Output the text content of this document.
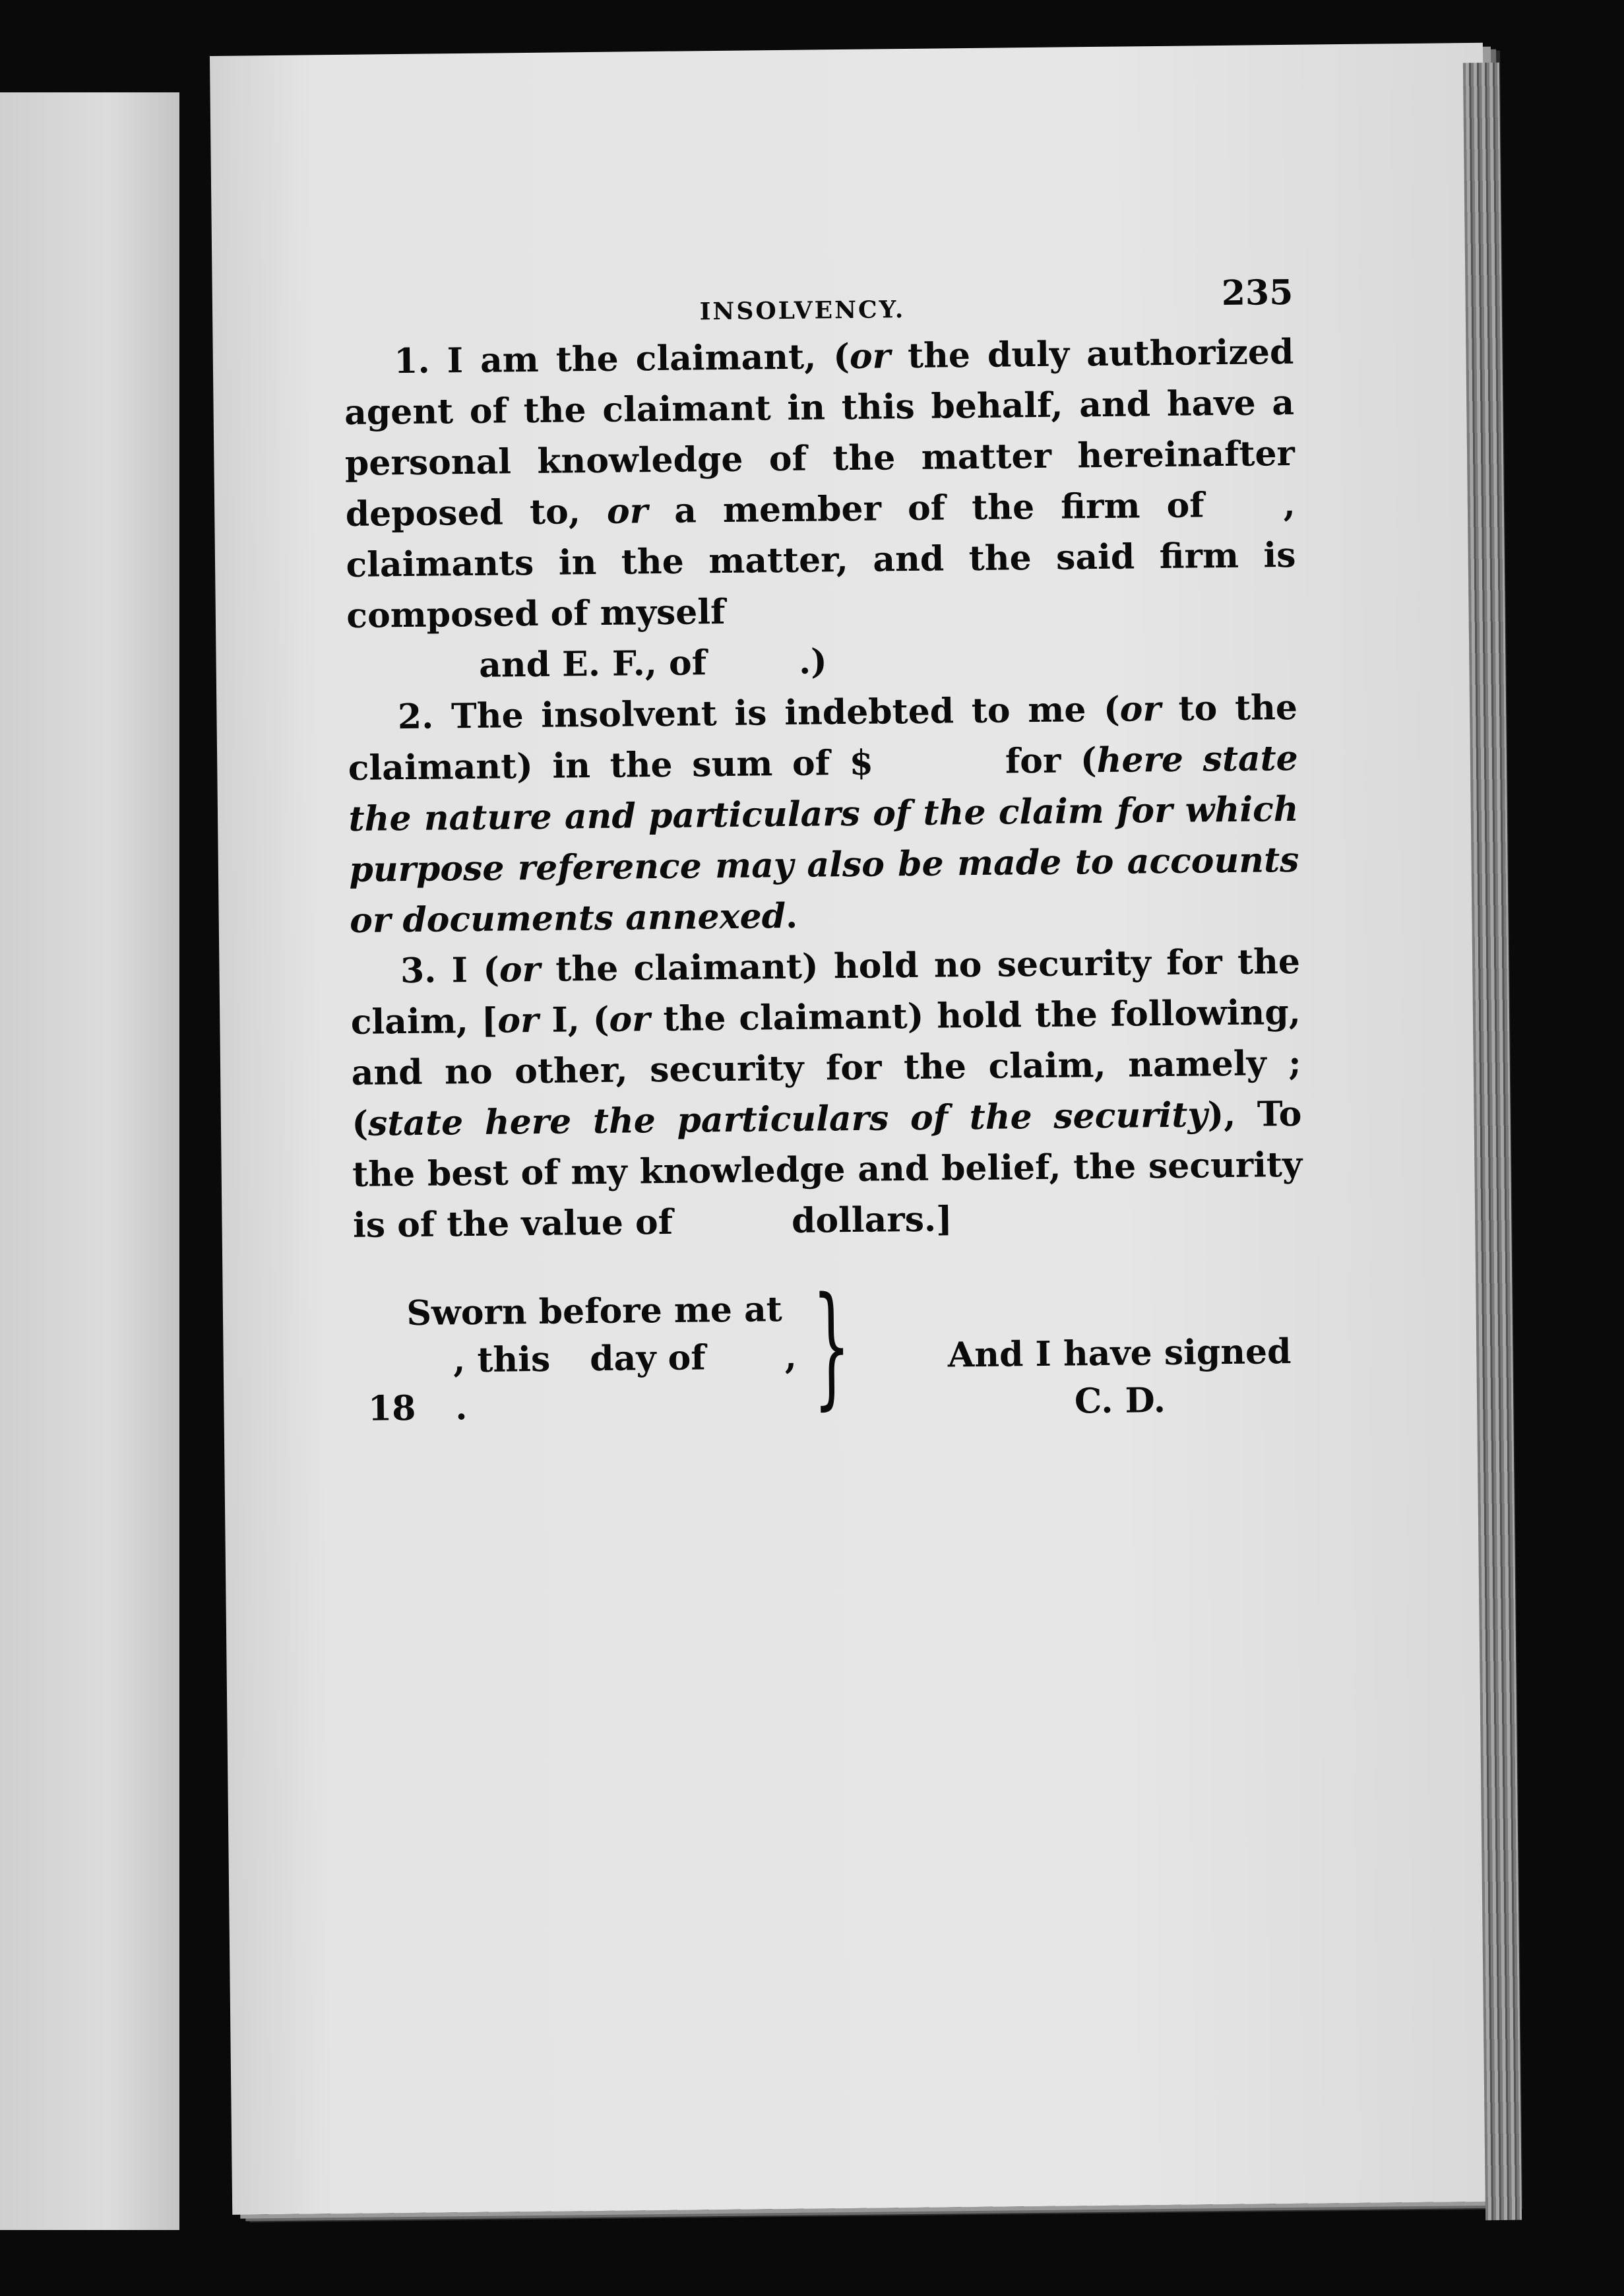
INSOLVENCY.	235

1. I am the claimant, (or the duly authorized agent of the claimant in this behalf, and have a personal knowledge of the matter hereinafter deposed to, or a member of the firm of , claimants in the matter, and the said firm is composed of myself
and E. F., of	.)

2. The insolvent is indebted to me (or to the claimant) in the sum of $	for (here state the nature and particulars of the claim for which purpose reference may also be made to accounts or documents annexed.

3. I (or the claimant) hold no security for the claim, [or I, (or the claimant) hold the following, and no other, security for the claim, namely ; (state here the particulars of the security), To the best of my knowledge and belief, the security is of the value of	dollars.]

Sworn before me at
, this day of ,
18 .	}	And I have signed
C. D.
